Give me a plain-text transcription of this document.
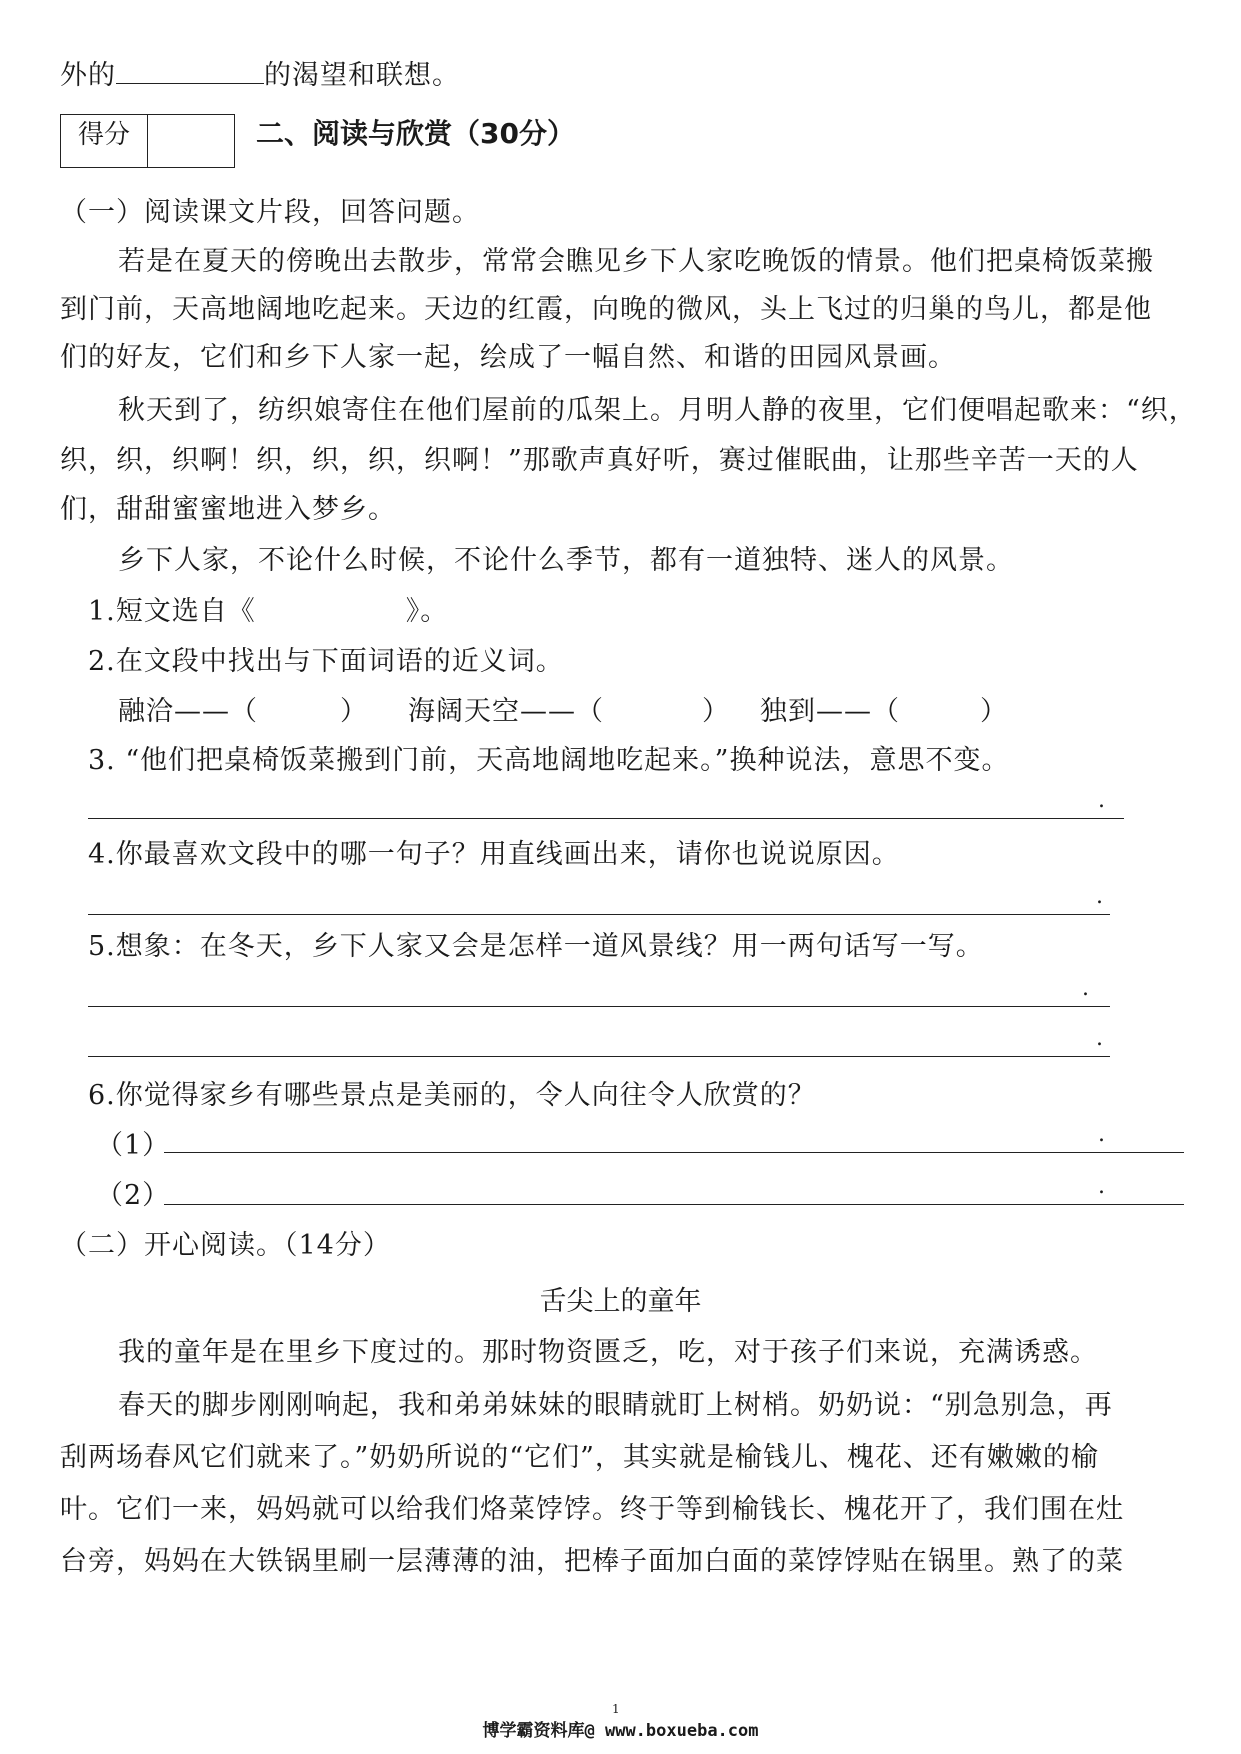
外的	的渴望和联想。
得分	二、阅读与欣赏（30分）
（一）阅读课文片段，回答问题。
若是在夏天的傍晚出去散步，常常会瞧见乡下人家吃晚饭的情景。他们把桌椅饭菜搬
到门前，天高地阔地吃起来。天边的红霞，向晚的微风，头上飞过的归巢的鸟儿，都是他
们的好友，它们和乡下人家一起，绘成了一幅自然、和谐的田园风景画。
秋天到了，纺织娘寄住在他们屋前的瓜架上。月明人静的夜里，它们便唱起歌来：“织，
织，织，织啊！织，织，织，织啊！”那歌声真好听，赛过催眠曲，让那些辛苦一天的人
们，甜甜蜜蜜地进入梦乡。
乡下人家，不论什么时候，不论什么季节，都有一道独特、迷人的风景。
1.短文选自《	》。
2.在文段中找出与下面词语的近义词。
融洽——（	） 海阔天空——（	） 独到——（	）
3. “他们把桌椅饭菜搬到门前，天高地阔地吃起来。”换种说法，意思不变。
.
4.你最喜欢文段中的哪一句子？用直线画出来，请你也说说原因。
.
5.想象：在冬天，乡下人家又会是怎样一道风景线？用一两句话写一写。
.
.
6.你觉得家乡有哪些景点是美丽的，令人向往令人欣赏的？
（1）	.
（2）	.
（二）开心阅读。（14分）
舌尖上的童年
我的童年是在里乡下度过的。那时物资匮乏，吃，对于孩子们来说，充满诱惑。
春天的脚步刚刚响起，我和弟弟妹妹的眼睛就盯上树梢。奶奶说：“别急别急，再
刮两场春风它们就来了。”奶奶所说的“它们”，其实就是榆钱儿、槐花、还有嫩嫩的榆
叶。它们一来，妈妈就可以给我们烙菜饽饽。终于等到榆钱长、槐花开了，我们围在灶
台旁，妈妈在大铁锅里刷一层薄薄的油，把棒子面加白面的菜饽饽贴在锅里。熟了的菜
1
博学霸资料库@ www.boxueba.com
